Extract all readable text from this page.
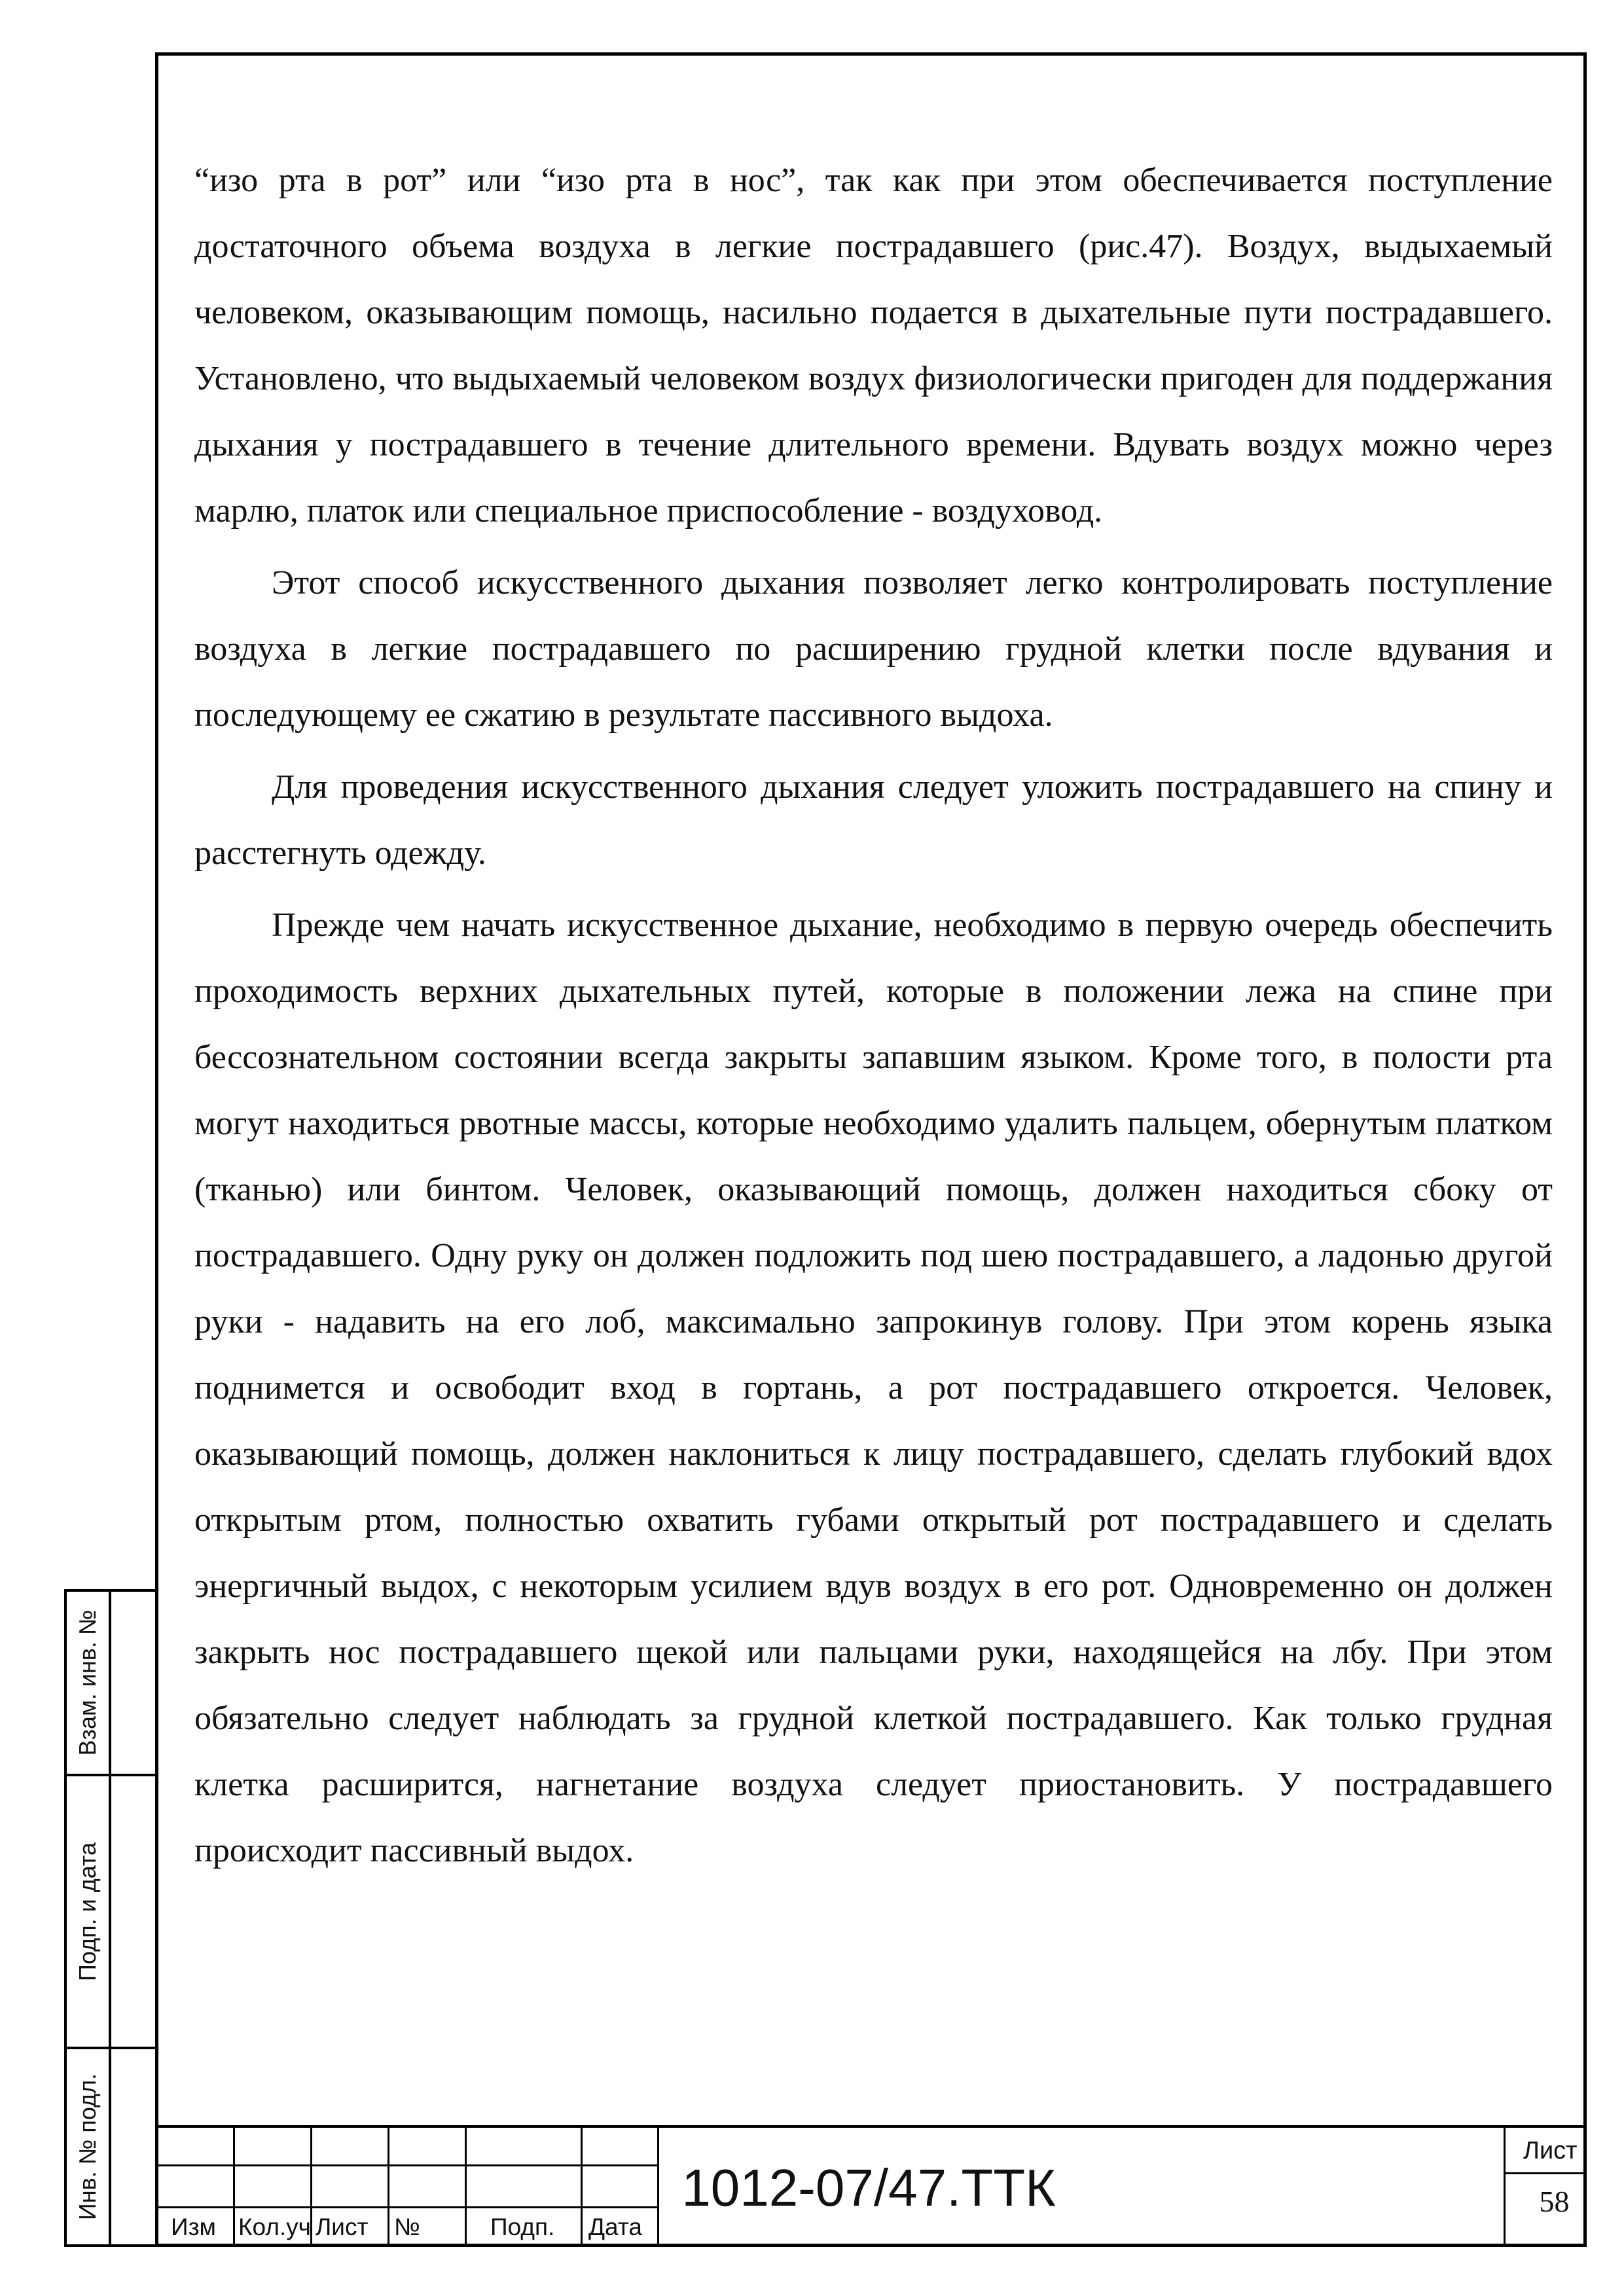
“изо рта в рот” или “изо рта в нос”, так как при этом обеспечивается поступление достаточного объема воздуха в легкие пострадавшего (рис.47). Воздух, выдыхаемый человеком, оказывающим помощь, насильно подается в дыхательные пути пострадавшего. Установлено, что выдыхаемый человеком воздух физиологически пригоден для поддержания дыхания у пострадавшего в течение длительного времени. Вдувать воздух можно через марлю, платок или специальное приспособление - воздуховод.

Этот способ искусственного дыхания позволяет легко контролировать поступление воздуха в легкие пострадавшего по расширению грудной клетки после вдувания и последующему ее сжатию в результате пассивного выдоха.

Для проведения искусственного дыхания следует уложить пострадавшего на спину и расстегнуть одежду.

Прежде чем начать искусственное дыхание, необходимо в первую очередь обеспечить проходимость верхних дыхательных путей, которые в положении лежа на спине при бессознательном состоянии всегда закрыты запавшим языком. Кроме того, в полости рта могут находиться рвотные массы, которые необходимо удалить пальцем, обернутым платком (тканью) или бинтом. Человек, оказывающий помощь, должен находиться сбоку от пострадавшего. Одну руку он должен подложить под шею пострадавшего, а ладонью другой руки - надавить на его лоб, максимально запрокинув голову. При этом корень языка поднимется и освободит вход в гортань, а рот пострадавшего откроется. Человек, оказывающий помощь, должен наклониться к лицу пострадавшего, сделать глубокий вдох открытым ртом, полностью охватить губами открытый рот пострадавшего и сделать энергичный выдох, с некоторым усилием вдув воздух в его рот. Одновременно он должен закрыть нос пострадавшего щекой или пальцами руки, находящейся на лбу. При этом обязательно следует наблюдать за грудной клеткой пострадавшего. Как только грудная клетка расширится, нагнетание воздуха следует приостановить. У пострадавшего происходит пассивный выдох.

Взам. инв. №
Подп. и дата
Инв. № подл.
Изм Кол.уч Лист №	Подп. Дата
1012-07/47.ТТК
Лист
58
